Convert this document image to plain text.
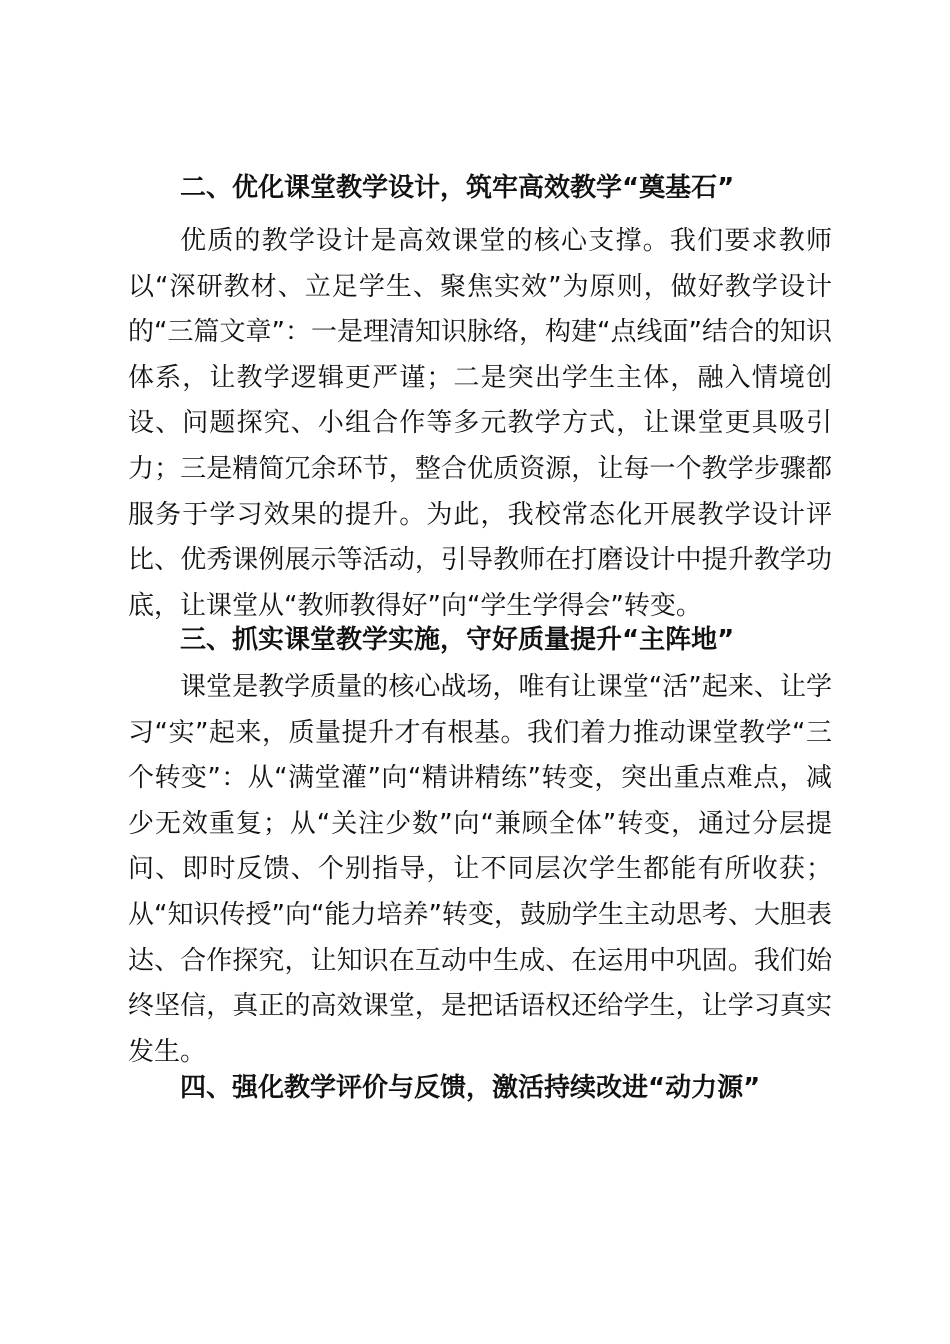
二、优化课堂教学设计，筑牢高效教学“奠基石”

优质的教学设计是高效课堂的核心支撑。我们要求教师以“深研教材、立足学生、聚焦实效”为原则，做好教学设计的“三篇文章”：一是理清知识脉络，构建“点线面”结合的知识体系，让教学逻辑更严谨；二是突出学生主体，融入情境创设、问题探究、小组合作等多元教学方式，让课堂更具吸引力；三是精简冗余环节，整合优质资源，让每一个教学步骤都服务于学习效果的提升。为此，我校常态化开展教学设计评比、优秀课例展示等活动，引导教师在打磨设计中提升教学功底，让课堂从“教师教得好”向“学生学得会”转变。

三、抓实课堂教学实施，守好质量提升“主阵地”

课堂是教学质量的核心战场，唯有让课堂“活”起来、让学习“实”起来，质量提升才有根基。我们着力推动课堂教学“三个转变”：从“满堂灌”向“精讲精练”转变，突出重点难点，减少无效重复；从“关注少数”向“兼顾全体”转变，通过分层提问、即时反馈、个别指导，让不同层次学生都能有所收获；从“知识传授”向“能力培养”转变，鼓励学生主动思考、大胆表达、合作探究，让知识在互动中生成、在运用中巩固。我们始终坚信，真正的高效课堂，是把话语权还给学生，让学习真实发生。

四、强化教学评价与反馈，激活持续改进“动力源”
